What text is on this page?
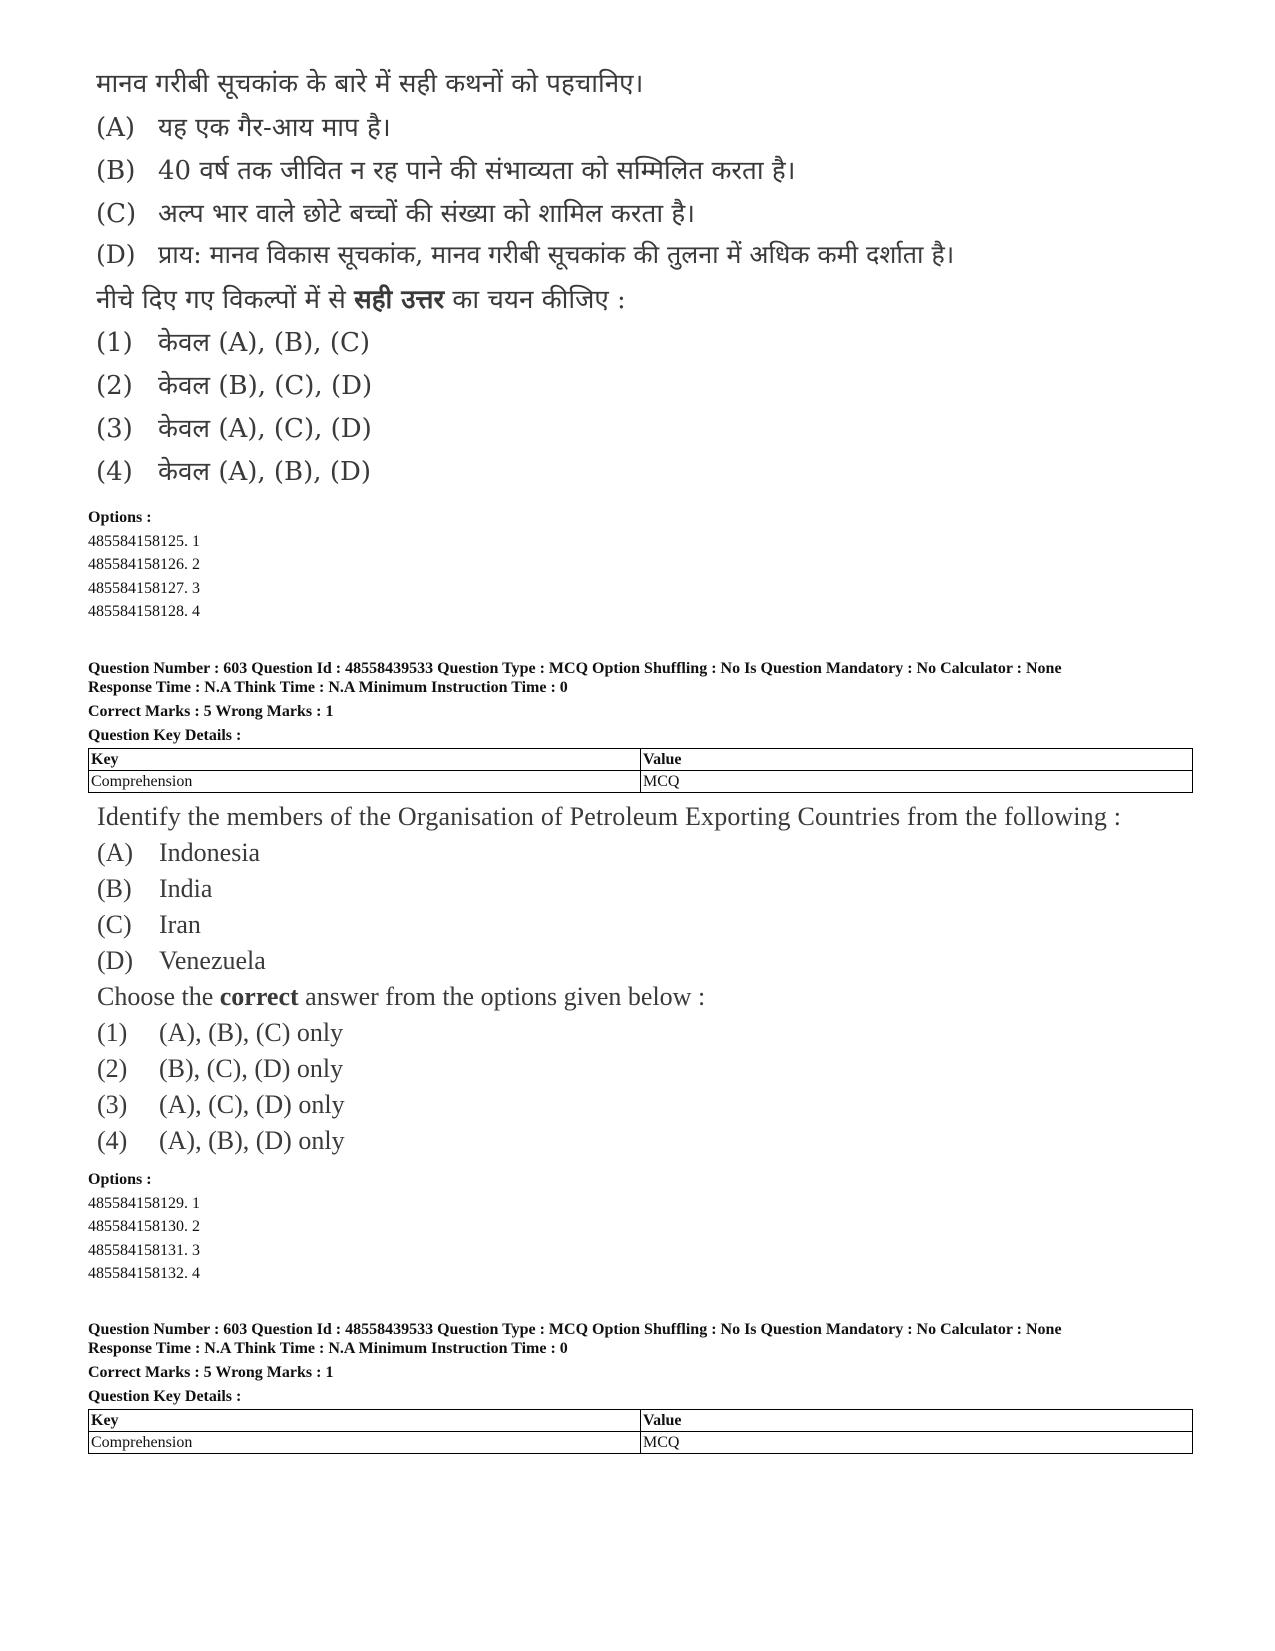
मानव गरीबी सूचकांक के बारे में सही कथनों को पहचानिए।
(A) यह एक गैर-आय माप है।
(B) 40 वर्ष तक जीवित न रह पाने की संभाव्यता को सम्मिलित करता है।
(C) अल्प भार वाले छोटे बच्चों की संख्या को शामिल करता है।
(D) प्राय: मानव विकास सूचकांक, मानव गरीबी सूचकांक की तुलना में अधिक कमी दर्शाता है।
नीचे दिए गए विकल्पों में से सही उत्तर का चयन कीजिए :
(1) केवल (A), (B), (C)
(2) केवल (B), (C), (D)
(3) केवल (A), (C), (D)
(4) केवल (A), (B), (D)
Options :
485584158125. 1
485584158126. 2
485584158127. 3
485584158128. 4
Question Number : 603 Question Id : 48558439533 Question Type : MCQ Option Shuffling : No Is Question Mandatory : No Calculator : None
Response Time : N.A Think Time : N.A Minimum Instruction Time : 0
Correct Marks : 5 Wrong Marks : 1
Question Key Details :
Key	Value
Comprehension	MCQ
Identify the members of the Organisation of Petroleum Exporting Countries from the following :
(A) Indonesia
(B) India
(C) Iran
(D) Venezuela
Choose the correct answer from the options given below :
(1) (A), (B), (C) only
(2) (B), (C), (D) only
(3) (A), (C), (D) only
(4) (A), (B), (D) only
Options :
485584158129. 1
485584158130. 2
485584158131. 3
485584158132. 4
Question Number : 603 Question Id : 48558439533 Question Type : MCQ Option Shuffling : No Is Question Mandatory : No Calculator : None
Response Time : N.A Think Time : N.A Minimum Instruction Time : 0
Correct Marks : 5 Wrong Marks : 1
Question Key Details :
Key	Value
Comprehension	MCQ
